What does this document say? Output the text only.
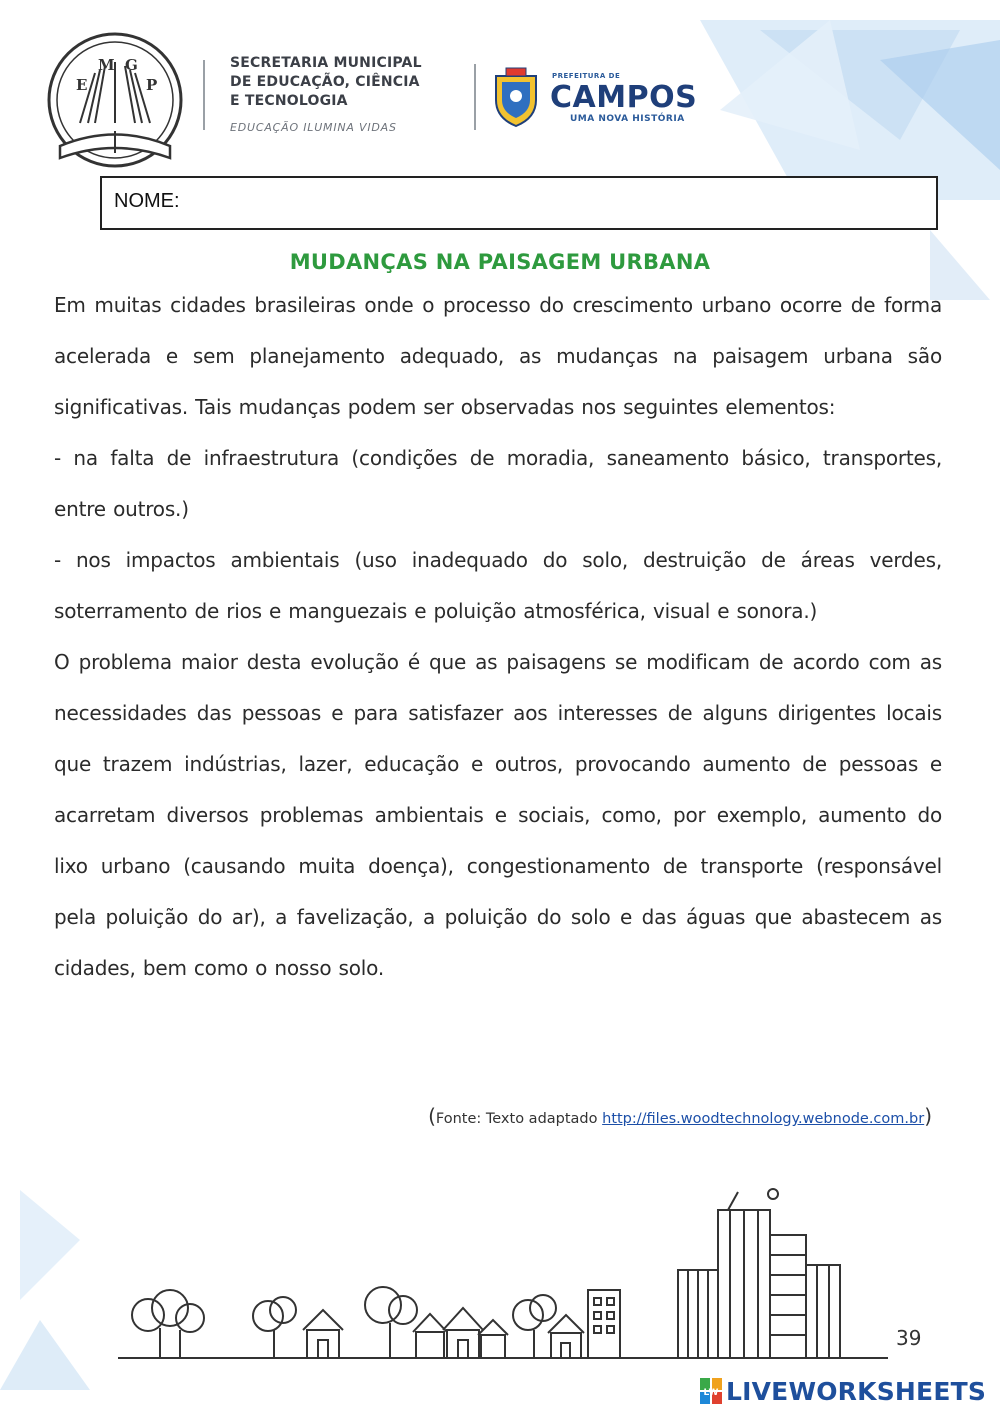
E
M G
P
SECRETARIA MUNICIPAL
DE EDUCAÇÃO, CIÊNCIA
E TECNOLOGIA
EDUCAÇÃO ILUMINA VIDAS
PREFEITURA DE
CAMPOS
UMA NOVA HISTÓRIA
NOME:
MUDANÇAS NA PAISAGEM URBANA

Em muitas cidades brasileiras onde o processo do crescimento urbano ocorre de forma acelerada e sem planejamento adequado, as mudanças na paisagem urbana são significativas. Tais mudanças podem ser observadas nos seguintes elementos:

- na falta de infraestrutura (condições de moradia, saneamento básico, transportes, entre outros.)

- nos impactos ambientais (uso inadequado do solo, destruição de áreas verdes, soterramento de rios e manguezais e poluição atmosférica, visual e sonora.)

O problema maior desta evolução é que as paisagens se modificam de acordo com as necessidades das pessoas e para satisfazer aos interesses de alguns dirigentes locais que trazem indústrias, lazer, educação e outros, provocando aumento de pessoas e acarretam diversos problemas ambientais e sociais, como, por exemplo, aumento do lixo urbano (causando muita doença), congestionamento de transporte (responsável pela poluição do ar), a favelização, a poluição do solo e das águas que abastecem as cidades, bem como o nosso solo.

(Fonte: Texto adaptado http://files.woodtechnology.webnode.com.br)
39
LW LIVEWORKSHEETS
